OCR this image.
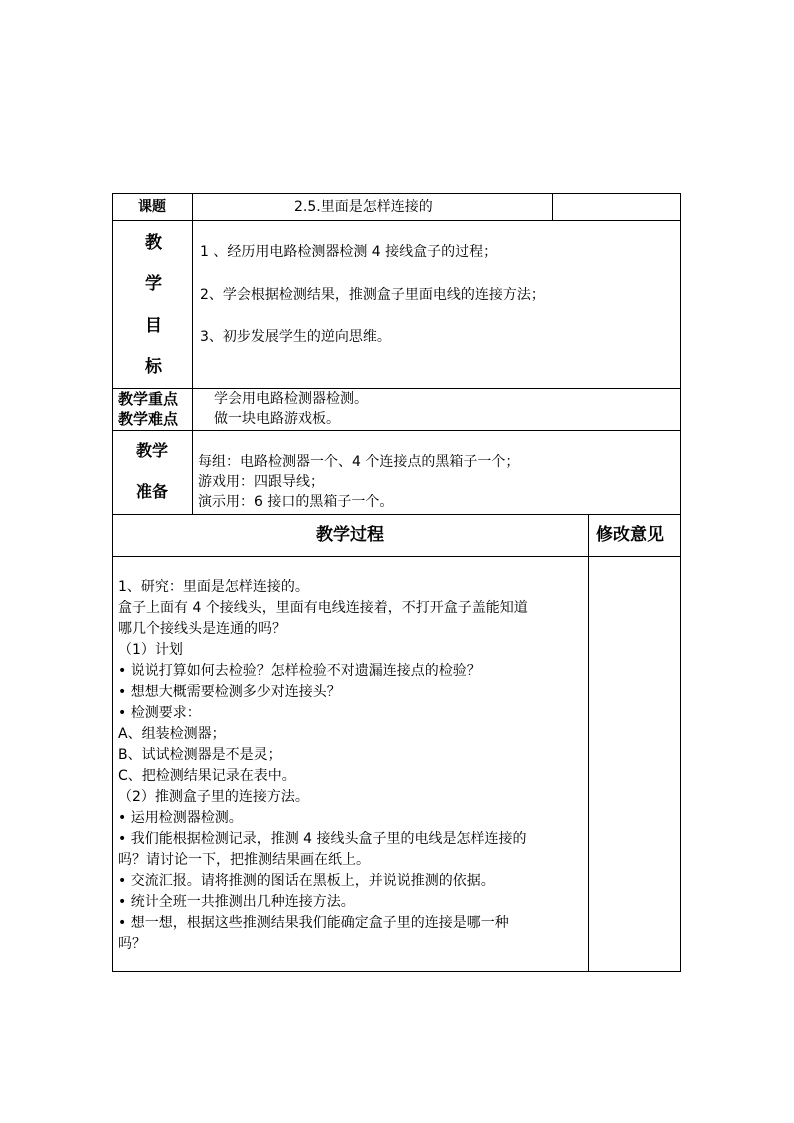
课题	2.5.里面是怎样连接的
教
学
目
标
1 、经历用电路检测器检测 4 接线盒子的过程；
2、学会根据检测结果，推测盒子里面电线的连接方法；
3、初步发展学生的逆向思维。
教学重点
教学难点
学会用电路检测器检测。
做一块电路游戏板。
教学
准备
每组：电路检测器一个、4 个连接点的黑箱子一个；
游戏用：四跟导线；
演示用：6 接口的黑箱子一个。
教学过程	修改意见
1、研究：里面是怎样连接的。
盒子上面有 4 个接线头，里面有电线连接着，不打开盒子盖能知道
哪几个接线头是连通的吗？
（1）计划
• 说说打算如何去检验？怎样检验不对遗漏连接点的检验？
• 想想大概需要检测多少对连接头？
• 检测要求：
A、组装检测器；
B、试试检测器是不是灵；
C、把检测结果记录在表中。
（2）推测盒子里的连接方法。
• 运用检测器检测。
• 我们能根据检测记录，推测 4 接线头盒子里的电线是怎样连接的
吗？请讨论一下，把推测结果画在纸上。
• 交流汇报。请将推测的图话在黑板上，并说说推测的依据。
• 统计全班一共推测出几种连接方法。
• 想一想，根据这些推测结果我们能确定盒子里的连接是哪一种
吗？
